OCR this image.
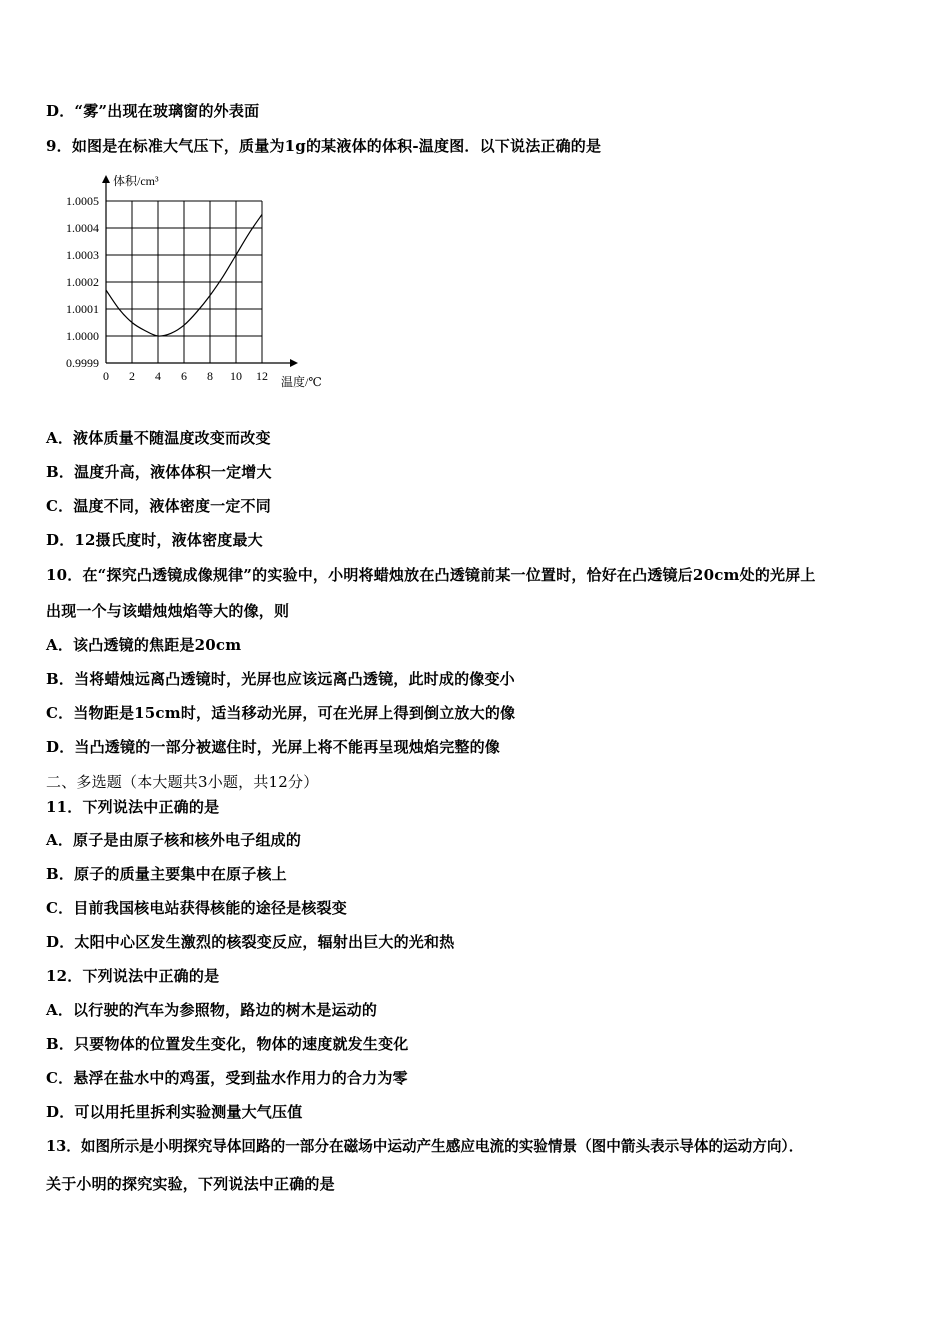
D．“雾”出现在玻璃窗的外表面
9．如图是在标准大气压下，质量为1g的某液体的体积-温度图．以下说法正确的是
0.9999
1.0000
1.0001
1.0002
1.0003
1.0004
1.0005
0 2 4 6 8 10 12
体积/cm³
温度/℃
A．液体质量不随温度改变而改变
B．温度升高，液体体积一定增大
C．温度不同，液体密度一定不同
D．12摄氏度时，液体密度最大
10．在“探究凸透镜成像规律”的实验中，小明将蜡烛放在凸透镜前某一位置时，恰好在凸透镜后20cm处的光屏上
出现一个与该蜡烛烛焰等大的像，则
A．该凸透镜的焦距是20cm
B．当将蜡烛远离凸透镜时，光屏也应该远离凸透镜，此时成的像变小
C．当物距是15cm时，适当移动光屏，可在光屏上得到倒立放大的像
D．当凸透镜的一部分被遮住时，光屏上将不能再呈现烛焰完整的像
二、多选题（本大题共3小题，共12分）
11．下列说法中正确的是
A．原子是由原子核和核外电子组成的
B．原子的质量主要集中在原子核上
C．目前我国核电站获得核能的途径是核裂变
D．太阳中心区发生激烈的核裂变反应，辐射出巨大的光和热
12．下列说法中正确的是
A．以行驶的汽车为参照物，路边的树木是运动的
B．只要物体的位置发生变化，物体的速度就发生变化
C．悬浮在盐水中的鸡蛋，受到盐水作用力的合力为零
D．可以用托里拆利实验测量大气压值
13．如图所示是小明探究导体回路的一部分在磁场中运动产生感应电流的实验情景（图中箭头表示导体的运动方向）．
关于小明的探究实验，下列说法中正确的是
